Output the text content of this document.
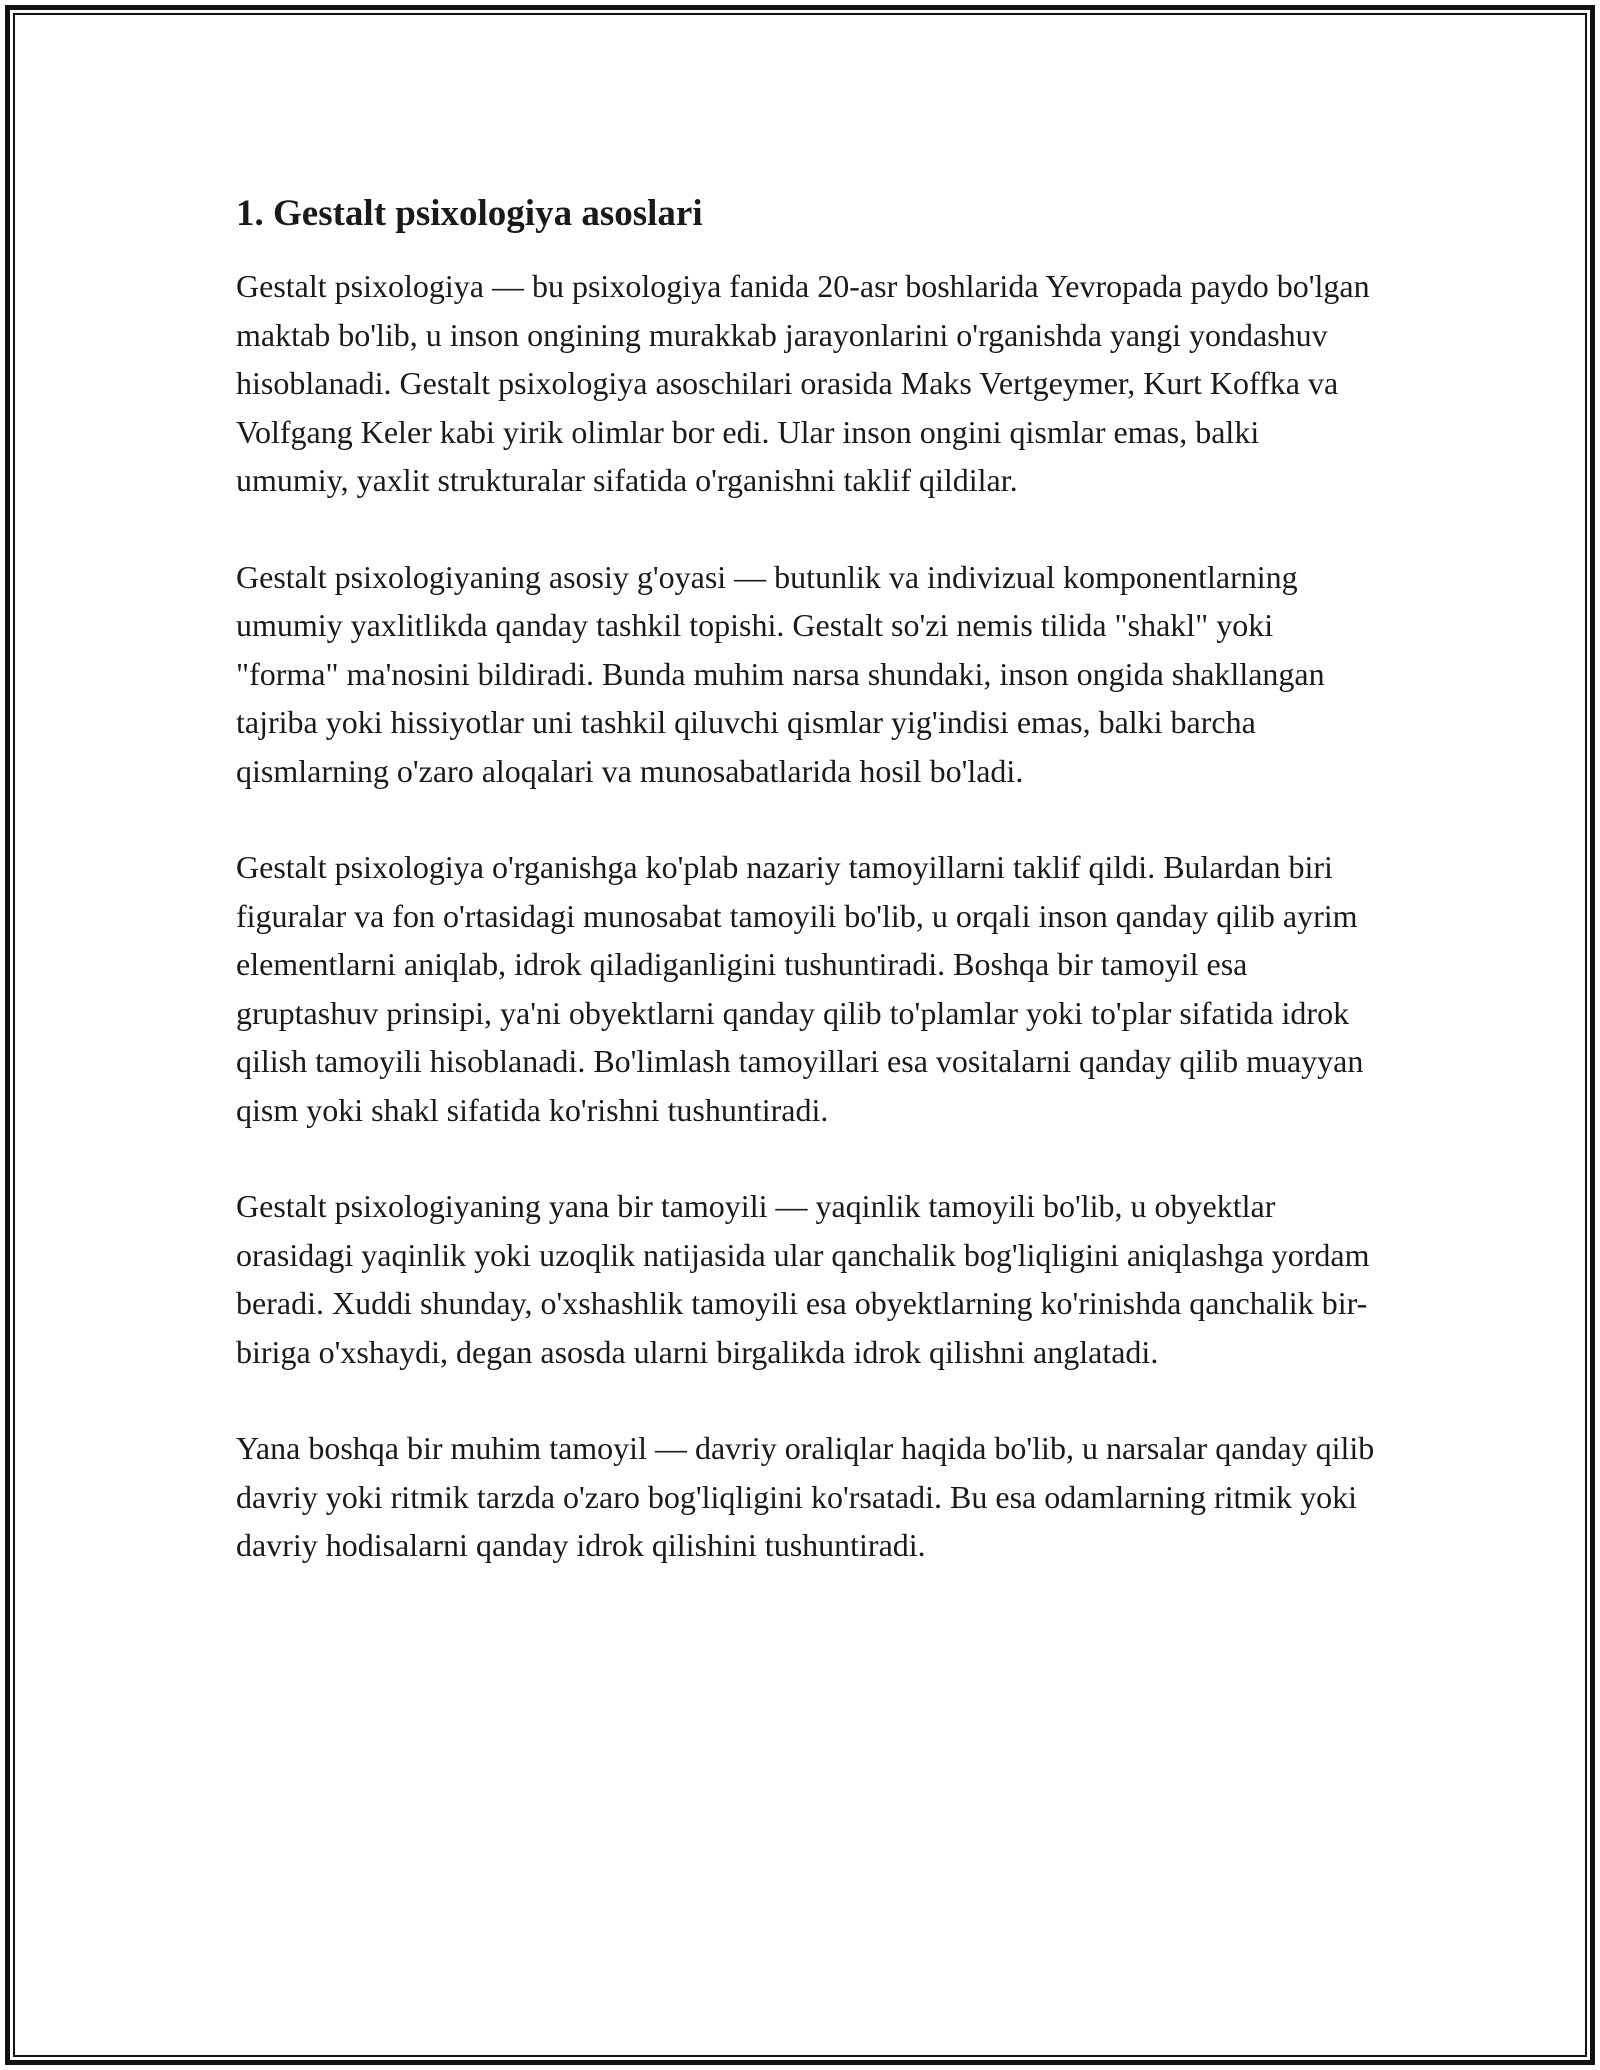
1. Gestalt psixologiya asoslari

Gestalt psixologiya — bu psixologiya fanida 20-asr boshlarida Yevropada paydo bo'lgan maktab bo'lib, u inson ongining murakkab jarayonlarini o'rganishda yangi yondashuv hisoblanadi. Gestalt psixologiya asoschilari orasida Maks Vertgeymer, Kurt Koffka va Volfgang Keler kabi yirik olimlar bor edi. Ular inson ongini qismlar emas, balki umumiy, yaxlit strukturalar sifatida o'rganishni taklif qildilar.

Gestalt psixologiyaning asosiy g'oyasi — butunlik va indivizual komponentlarning umumiy yaxlitlikda qanday tashkil topishi. Gestalt so'zi nemis tilida "shakl" yoki "forma" ma'nosini bildiradi. Bunda muhim narsa shundaki, inson ongida shakllangan tajriba yoki hissiyotlar uni tashkil qiluvchi qismlar yig'indisi emas, balki barcha qismlarning o'zaro aloqalari va munosabatlarida hosil bo'ladi.

Gestalt psixologiya o'rganishga ko'plab nazariy tamoyillarni taklif qildi. Bulardan biri figuralar va fon o'rtasidagi munosabat tamoyili bo'lib, u orqali inson qanday qilib ayrim elementlarni aniqlab, idrok qiladiganligini tushuntiradi. Boshqa bir tamoyil esa gruptashuv prinsipi, ya'ni obyektlarni qanday qilib to'plamlar yoki to'plar sifatida idrok qilish tamoyili hisoblanadi. Bo'limlash tamoyillari esa vositalarni qanday qilib muayyan qism yoki shakl sifatida ko'rishni tushuntiradi.

Gestalt psixologiyaning yana bir tamoyili — yaqinlik tamoyili bo'lib, u obyektlar orasidagi yaqinlik yoki uzoqlik natijasida ular qanchalik bog'liqligini aniqlashga yordam beradi. Xuddi shunday, o'xshashlik tamoyili esa obyektlarning ko'rinishda qanchalik bir-biriga o'xshaydi, degan asosda ularni birgalikda idrok qilishni anglatadi.

Yana boshqa bir muhim tamoyil — davriy oraliqlar haqida bo'lib, u narsalar qanday qilib davriy yoki ritmik tarzda o'zaro bog'liqligini ko'rsatadi. Bu esa odamlarning ritmik yoki davriy hodisalarni qanday idrok qilishini tushuntiradi.
